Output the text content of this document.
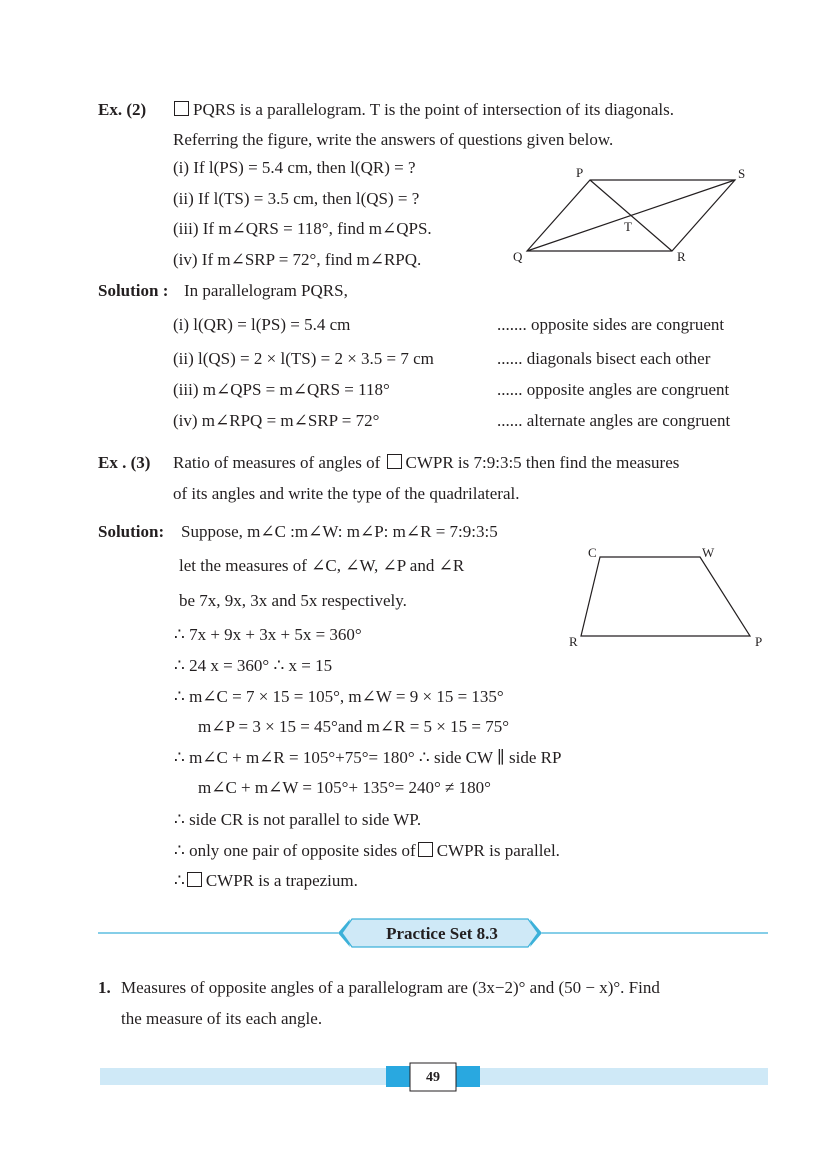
Ex. (2)	PQRS is a parallelogram. T is the point of intersection of its diagonals.
Referring the figure, write the answers of questions given below.
(i) If l(PS) = 5.4 cm, then l(QR) = ?
(ii) If l(TS) = 3.5 cm, then l(QS) = ?
(iii) If m∠QRS = 118°, find m∠QPS.
(iv) If m∠SRP = 72°, find m∠RPQ.
Solution : In parallelogram PQRS,
(i) l(QR) = l(PS) = 5.4 cm	....... opposite sides are congruent
(ii) l(QS) = 2 × l(TS) = 2 × 3.5 = 7 cm	...... diagonals bisect each other
(iii) m∠QPS = m∠QRS = 118°	...... opposite angles are congruent
(iv) m∠RPQ = m∠SRP = 72°	...... alternate angles are congruent
Ex . (3) Ratio of measures of angles of CWPR is 7:9:3:5 then find the measures
of its angles and write the type of the quadrilateral.
Solution: Suppose, m∠C :m∠W: m∠P: m∠R = 7:9:3:5
let the measures of ∠C, ∠W, ∠P and ∠R
be 7x, 9x, 3x and 5x respectively.
∴ 7x + 9x + 3x + 5x = 360°
∴ 24 x = 360° ∴ x = 15
∴ m∠C = 7 × 15 = 105°, m∠W = 9 × 15 = 135°
m∠P = 3 × 15 = 45°and m∠R = 5 × 15 = 75°
∴ m∠C + m∠R = 105°+75°= 180° ∴ side CW ∥ side RP
m∠C + m∠W = 105°+ 135°= 240° ≠ 180°
∴ side CR is not parallel to side WP.
∴ only one pair of opposite sides of CWPR is parallel.
∴ CWPR is a trapezium.
P	S
T
Q	R
C	W
R	P
Practice Set 8.3
1. Measures of opposite angles of a parallelogram are (3x−2)° and (50 − x)°. Find
the measure of its each angle.
49
